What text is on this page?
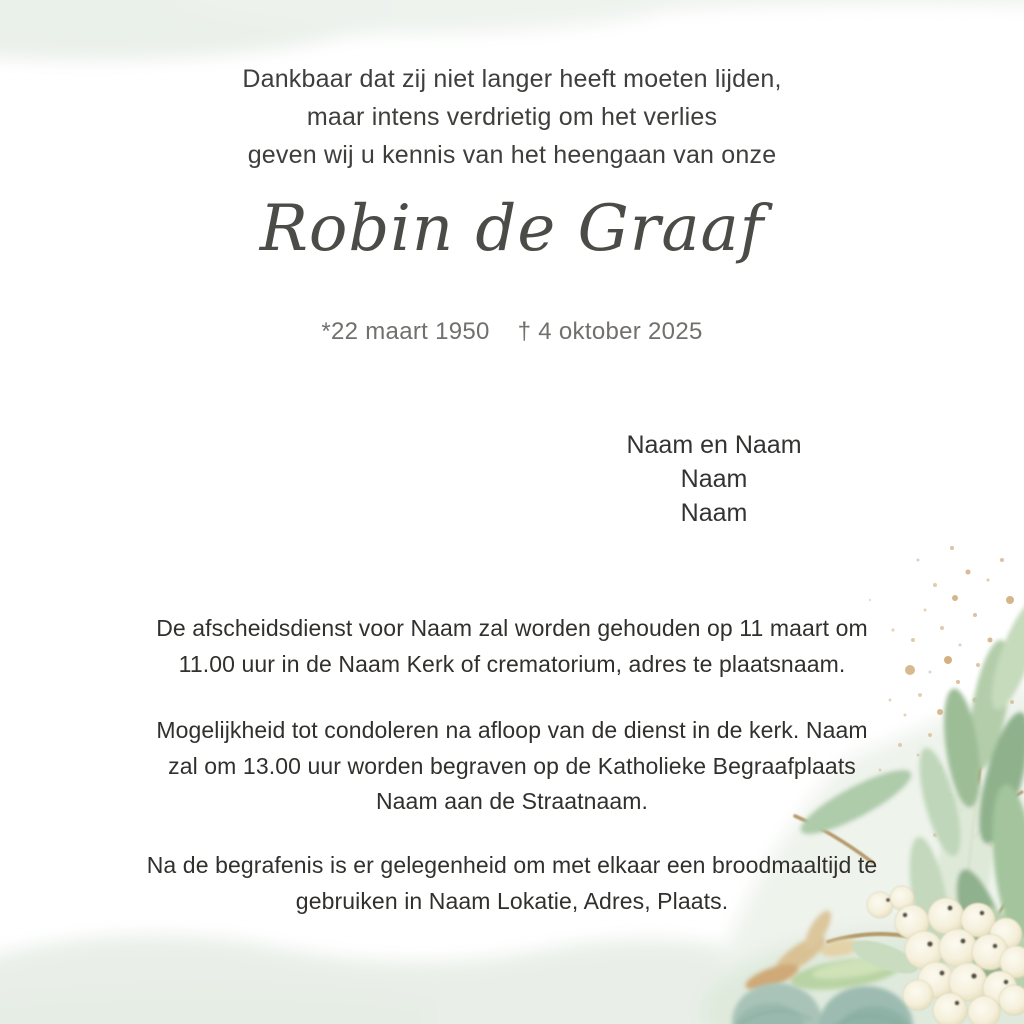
Dankbaar dat zij niet langer heeft moeten lijden,
maar intens verdrietig om het verlies
geven wij u kennis van het heengaan van onze
Robin de Graaf
*22 maart 1950 † 4 oktober 2025
Naam en Naam
Naam
Naam
De afscheidsdienst voor Naam zal worden gehouden op 11 maart om
11.00 uur in de Naam Kerk of crematorium, adres te plaatsnaam.
Mogelijkheid tot condoleren na afloop van de dienst in de kerk. Naam
zal om 13.00 uur worden begraven op de Katholieke Begraafplaats
Naam aan de Straatnaam.
Na de begrafenis is er gelegenheid om met elkaar een broodmaaltijd te
gebruiken in Naam Lokatie, Adres, Plaats.
